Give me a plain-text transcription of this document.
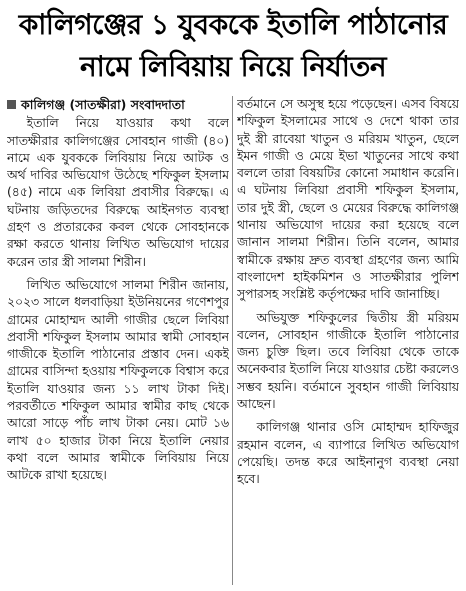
কালিগঞ্জের ১ যুবককে ইতালি পাঠানোর
নামে লিবিয়ায় নিয়ে নির্যাতন
কালিগঞ্জ (সাতক্ষীরা) সংবাদদাতা

ইতালি নিয়ে যাওয়ার কথা বলে সাতক্ষীরার কালিগঞ্জের সোবহান গাজী (৪০) নামে এক যুবককে লিবিয়ায় নিয়ে আটক ও অর্থ দাবির অভিযোগ উঠেছে শফিকুল ইসলাম (৪৫) নামে এক লিবিয়া প্রবাসীর বিরুদ্ধে। এ ঘটনায় জড়িতদের বিরুদ্ধে আইনগত ব্যবস্থা গ্রহণ ও প্রতারকের কবল থেকে সোবহানকে রক্ষা করতে থানায় লিখিত অভিযোগ দায়ের করেন তার স্ত্রী সালমা শিরীন।

লিখিত অভিযোগে সালমা শিরীন জানায়, ২০২৩ সালে ধলবাড়িয়া ইউনিয়নের গণেশপুর গ্রামের মোহাম্মদ আলী গাজীর ছেলে লিবিয়া প্রবাসী শফিকুল ইসলাম আমার স্বামী সোবহান গাজীকে ইতালি পাঠানোর প্রস্তাব দেন। একই গ্রামের বাসিন্দা হওয়ায় শফিকুলকে বিশ্বাস করে ইতালি যাওয়ার জন্য ১১ লাখ টাকা দিই। পরবর্তীতে শফিকুল আমার স্বামীর কাছ থেকে আরো সাড়ে পাঁচ লাখ টাকা নেয়। মোট ১৬ লাখ ৫০ হাজার টাকা নিয়ে ইতালি নেয়ার কথা বলে আমার স্বামীকে লিবিয়ায় নিয়ে আটকে রাখা হয়েছে।

বর্তমানে সে অসুস্থ হয়ে পড়েছেন। এসব বিষয়ে শফিকুল ইসলামের সাথে ও দেশে থাকা তার দুই স্ত্রী রাবেয়া খাতুন ও মরিয়ম খাতুন, ছেলে ইমন গাজী ও মেয়ে ইভা খাতুনের সাথে কথা বললে তারা বিষয়টির কোনো সমাধান করেনি। এ ঘটনায় লিবিয়া প্রবাসী শফিকুল ইসলাম, তার দুই স্ত্রী, ছেলে ও মেয়ের বিরুদ্ধে কালিগঞ্জ থানায় অভিযোগ দায়ের করা হয়েছে বলে জানান সালমা শিরীন। তিনি বলেন, আমার স্বামীকে রক্ষায় দ্রুত ব্যবস্থা গ্রহণের জন্য আমি বাংলাদেশ হাইকমিশন ও সাতক্ষীরার পুলিশ সুপারসহ সংশ্লিষ্ট কর্তৃপক্ষের দাবি জানাচ্ছি।

অভিযুক্ত শফিকুলের দ্বিতীয় স্ত্রী মরিয়ম বলেন, সোবহান গাজীকে ইতালি পাঠানোর জন্য চুক্তি ছিল। তবে লিবিয়া থেকে তাকে অনেকবার ইতালি নিয়ে যাওয়ার চেষ্টা করলেও সম্ভব হয়নি। বর্তমানে সুবহান গাজী লিবিয়ায় আছেন।

কালিগঞ্জ থানার ওসি মোহাম্মদ হাফিজুর রহমান বলেন, এ ব্যাপারে লিখিত অভিযোগ পেয়েছি। তদন্ত করে আইনানুগ ব্যবস্থা নেয়া হবে।
